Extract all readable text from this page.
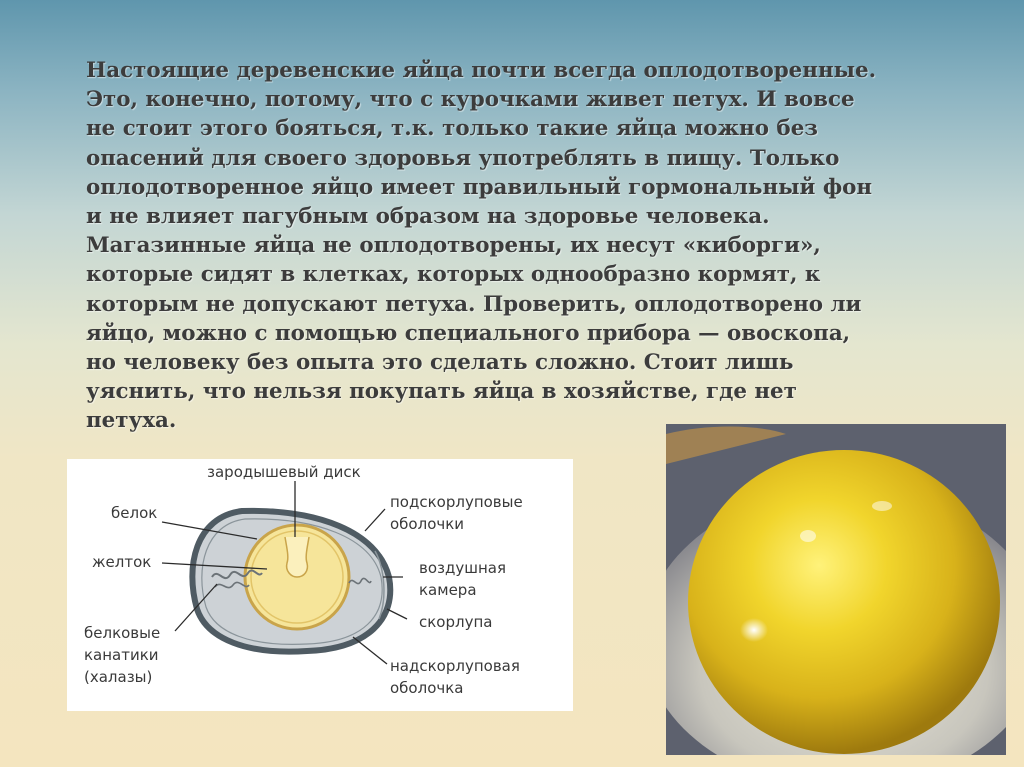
Настоящие деревенские яйца почти всегда оплодотворенные.
Это, конечно, потому, что с курочками живет петух. И вовсе
не стоит этого бояться, т.к. только такие яйца можно без
опасений для своего здоровья употреблять в пищу. Только
оплодотворенное яйцо имеет правильный гормональный фон
и не влияет пагубным образом на здоровье человека.
Магазинные яйца не оплодотворены, их несут «киборги»,
которые сидят в клетках, которых однообразно кормят, к
которым не допускают петуха. Проверить, оплодотворено ли
яйцо, можно с помощью специального прибора — овоскопа,
но человеку без опыта это сделать сложно. Стоит лишь
уяснить, что нельзя покупать яйца в хозяйстве, где нет
петуха.
зародышевый диск
белок
желток
белковые
канатики
(халазы)
подскорлуповые
оболочки
воздушная
камера
скорлупа
надскорлуповая
оболочка
